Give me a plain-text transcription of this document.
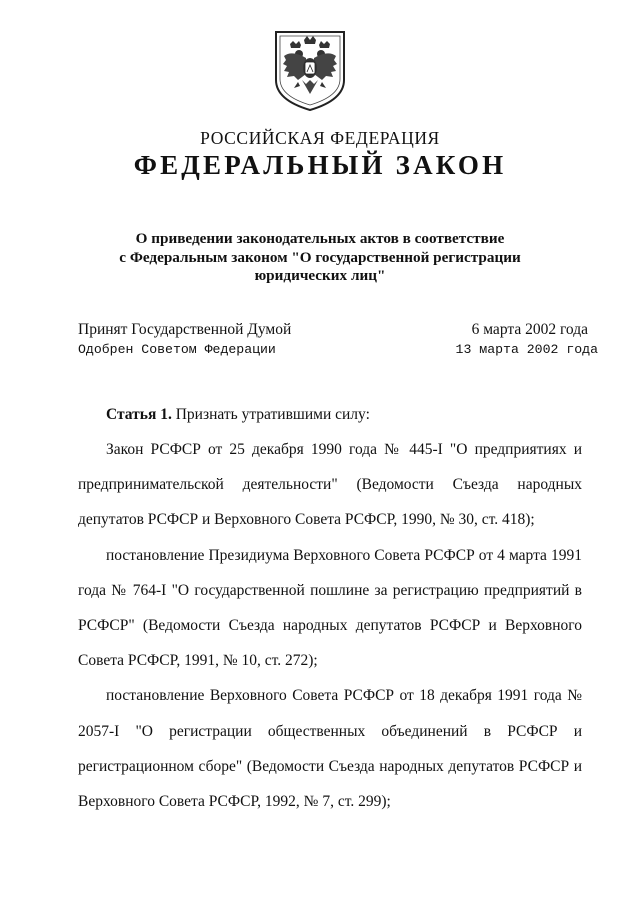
РОССИЙСКАЯ ФЕДЕРАЦИЯ
ФЕДЕРАЛЬНЫЙ ЗАКОН
О приведении законодательных актов в соответствие
с Федеральным законом "О государственной регистрации
юридических лиц"
Принят Государственной Думой	6 марта 2002 года
Одобрен Советом Федерации	13 марта 2002 года
Статья 1. Признать утратившими силу:

Закон РСФСР от 25 декабря 1990 года № 445-I "О предприятиях и предпринимательской деятельности" (Ведомости Съезда народных депутатов РСФСР и Верховного Совета РСФСР, 1990, № 30, ст. 418);

постановление Президиума Верховного Совета РСФСР от 4 марта 1991 года № 764-I "О государственной пошлине за регистрацию предприятий в РСФСР" (Ведомости Съезда народных депутатов РСФСР и Верховного Совета РСФСР, 1991, № 10, ст. 272);

постановление Верховного Совета РСФСР от 18 декабря 1991 года № 2057-I "О регистрации общественных объединений в РСФСР и регистрационном сборе" (Ведомости Съезда народных депутатов РСФСР и Верховного Совета РСФСР, 1992, № 7, ст. 299);
